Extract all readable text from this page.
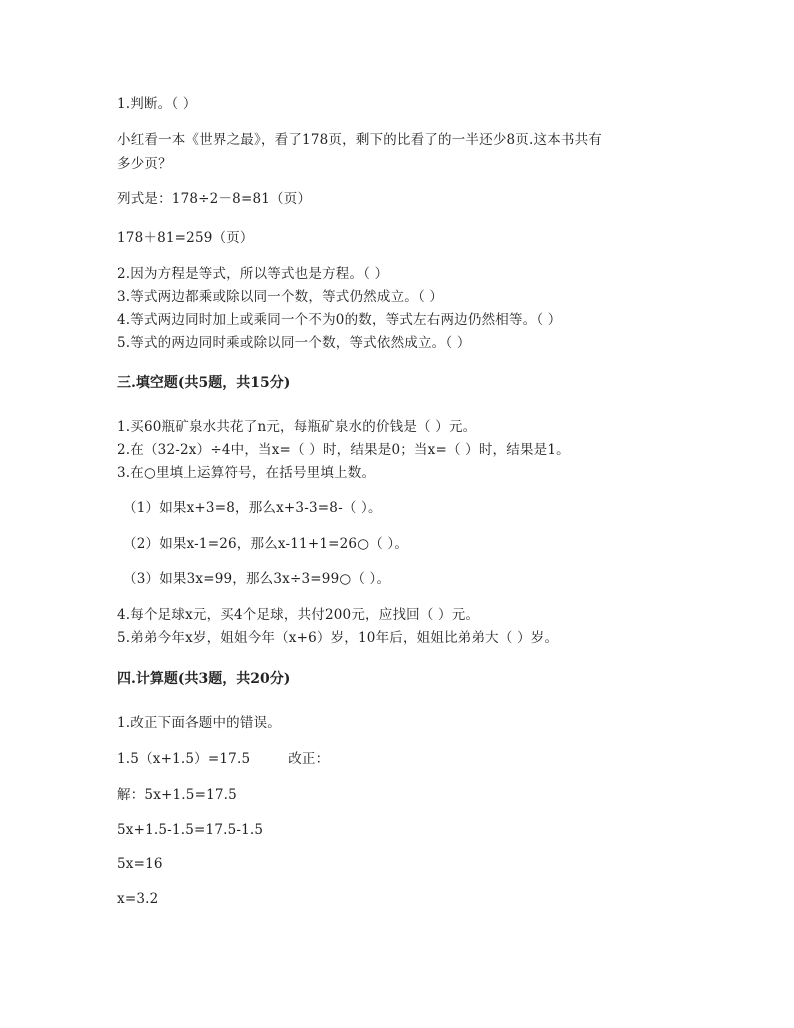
1.判断。（ ）
小红看一本《世界之最》，看了178页，剩下的比看了的一半还少8页.这本书共有
多少页？
列式是：178÷2－8=81（页）
178＋81=259（页）
2.因为方程是等式，所以等式也是方程。（ ）
3.等式两边都乘或除以同一个数，等式仍然成立。（ ）
4.等式两边同时加上或乘同一个不为0的数，等式左右两边仍然相等。（ ）
5.等式的两边同时乘或除以同一个数，等式依然成立。（ ）
三.填空题(共5题，共15分)
1.买60瓶矿泉水共花了n元，每瓶矿泉水的价钱是（ ）元。
2.在（32-2x）÷4中，当x=（ ）时，结果是0；当x=（ ）时，结果是1。
3.在○里填上运算符号，在括号里填上数。
（1）如果x+3=8，那么x+3-3=8-（ ）。
（2）如果x-1=26，那么x-11+1=26○（ ）。
（3）如果3x=99，那么3x÷3=99○（ ）。
4.每个足球x元，买4个足球，共付200元，应找回（ ）元。
5.弟弟今年x岁，姐姐今年（x+6）岁，10年后，姐姐比弟弟大（ ）岁。
四.计算题(共3题，共20分)
1.改正下面各题中的错误。
1.5（x+1.5）=17.5	改正：
解：5x+1.5=17.5
5x+1.5-1.5=17.5-1.5
5x=16
x=3.2
